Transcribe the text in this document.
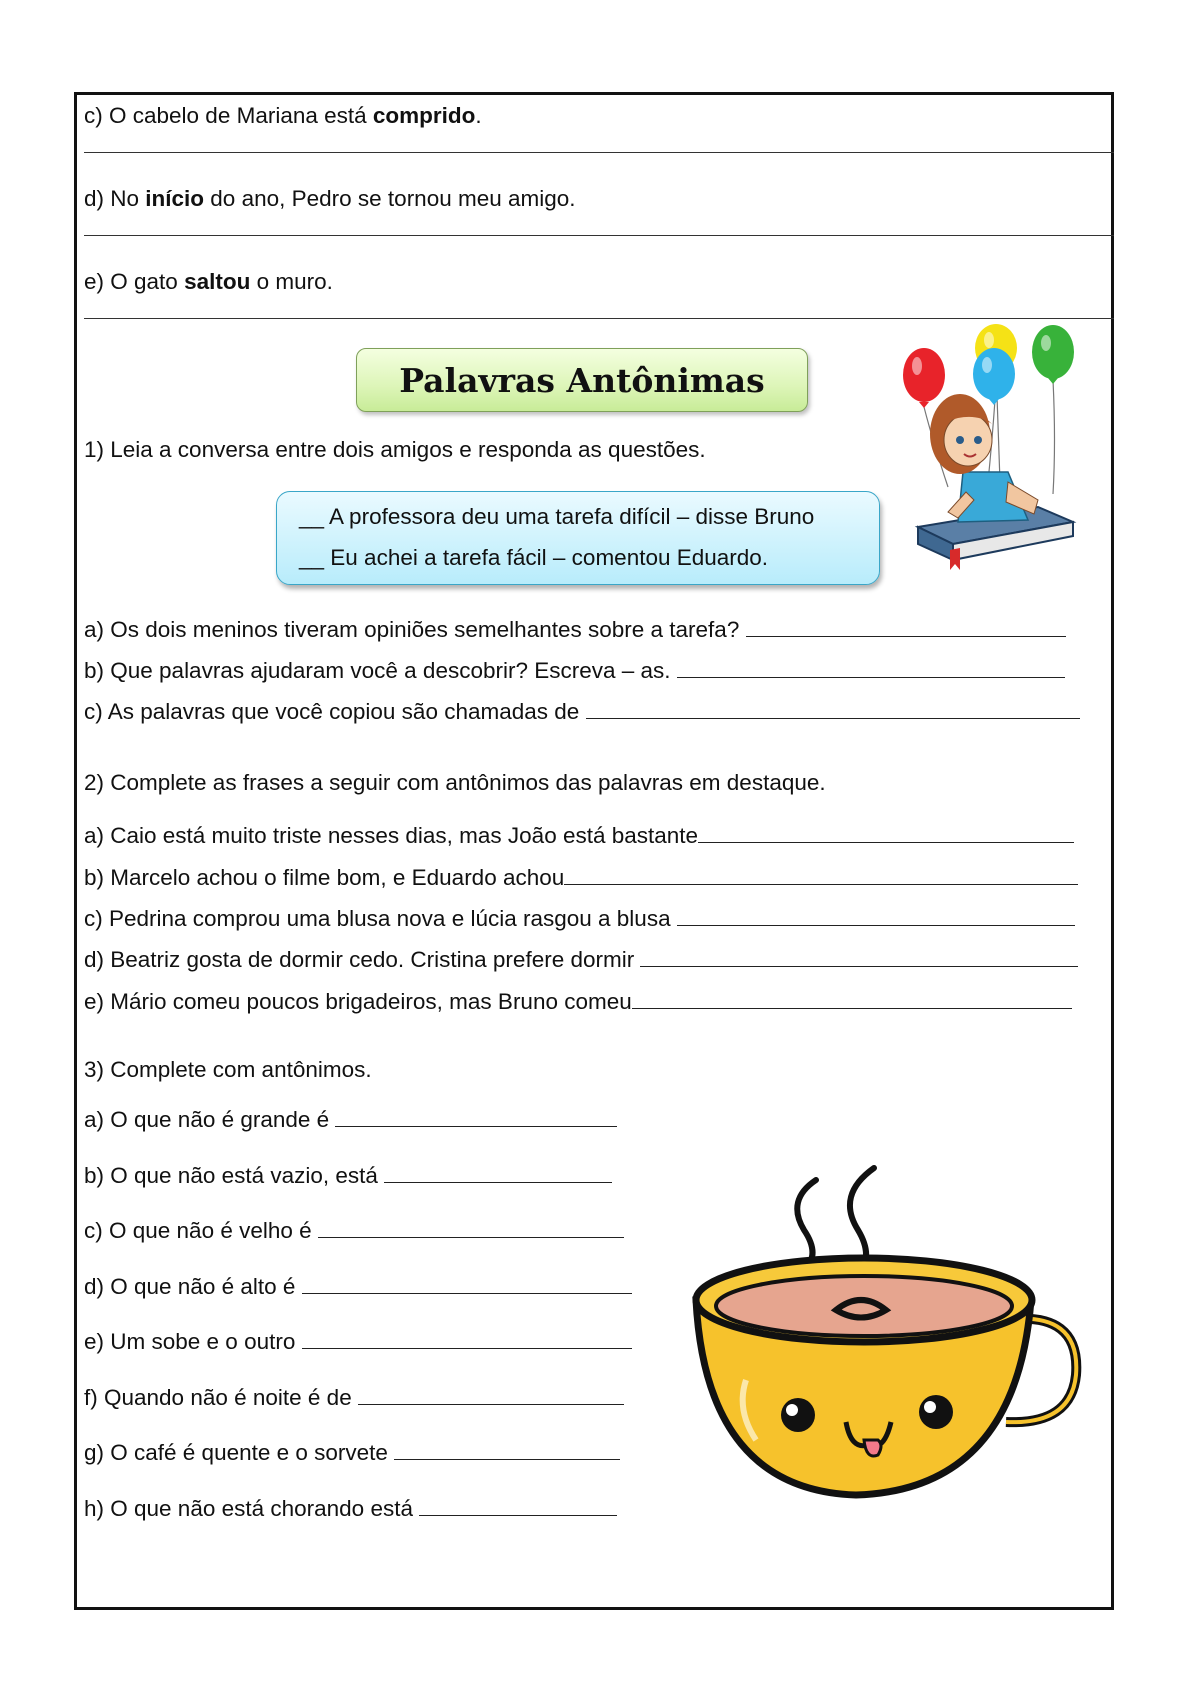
c) O cabelo de Mariana está comprido.
d) No início do ano, Pedro se tornou meu amigo.
e) O gato saltou o muro.
Palavras Antônimas
1) Leia a conversa entre dois amigos e responda as questões.
__ A professora deu uma tarefa difícil – disse Bruno
__ Eu achei a tarefa fácil – comentou Eduardo.
a) Os dois meninos tiveram opiniões semelhantes sobre a tarefa?
b) Que palavras ajudaram você a descobrir? Escreva – as.
c) As palavras que você copiou são chamadas de
2) Complete as frases a seguir com antônimos das palavras em destaque.
a) Caio está muito triste nesses dias, mas João está bastante
b) Marcelo achou o filme bom, e Eduardo achou
c) Pedrina comprou uma blusa nova e lúcia rasgou a blusa
d) Beatriz gosta de dormir cedo. Cristina prefere dormir
e) Mário comeu poucos brigadeiros, mas Bruno comeu
3) Complete com antônimos.
a) O que não é grande é
b) O que não está vazio, está
c) O que não é velho é
d) O que não é alto é
e) Um sobe e o outro
f) Quando não é noite é de
g) O café é quente e o sorvete
h) O que não está chorando está
